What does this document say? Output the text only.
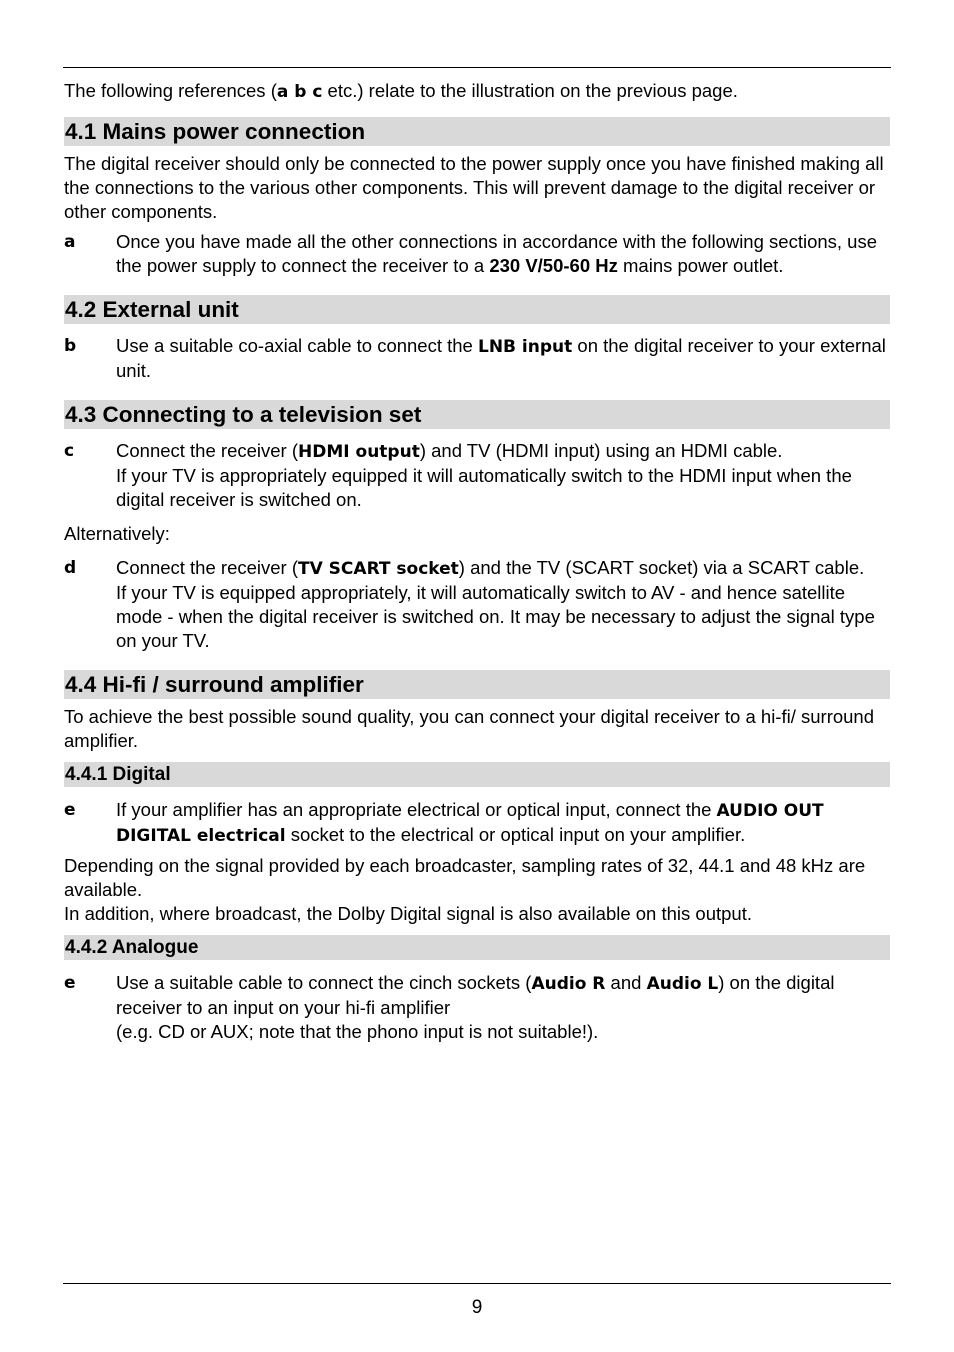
The following references (a b c etc.) relate to the illustration on the previous page.

4.1 Mains power connection

The digital receiver should only be connected to the power supply once you have finished making all the connections to the various other components. This will prevent damage to the digital receiver or other components.

a	Once you have made all the other connections in accordance with the following sections, use the power supply to connect the receiver to a 230 V/50-60 Hz mains power outlet.
4.2 External unit
b	Use a suitable co-axial cable to connect the LNB input on the digital receiver to your external unit.
4.3 Connecting to a television set
c	Connect the receiver (HDMI output) and TV (HDMI input) using an HDMI cable.
If your TV is appropriately equipped it will automatically switch to the HDMI input when the digital receiver is switched on.

Alternatively:

d	Connect the receiver (TV SCART socket) and the TV (SCART socket) via a SCART cable.
If your TV is equipped appropriately, it will automatically switch to AV - and hence satellite mode - when the digital receiver is switched on. It may be necessary to adjust the signal type on your TV.
4.4 Hi-fi / surround amplifier

To achieve the best possible sound quality, you can connect your digital receiver to a hi-fi/ surround amplifier.

4.4.1 Digital
e	If your amplifier has an appropriate electrical or optical input, connect the AUDIO OUT DIGITAL electrical socket to the electrical or optical input on your amplifier.

Depending on the signal provided by each broadcaster, sampling rates of 32, 44.1 and 48 kHz are available.

In addition, where broadcast, the Dolby Digital signal is also available on this output.

4.4.2 Analogue
e	Use a suitable cable to connect the cinch sockets (Audio R and Audio L) on the digital receiver to an input on your hi-fi amplifier
(e.g. CD or AUX; note that the phono input is not suitable!).
9
